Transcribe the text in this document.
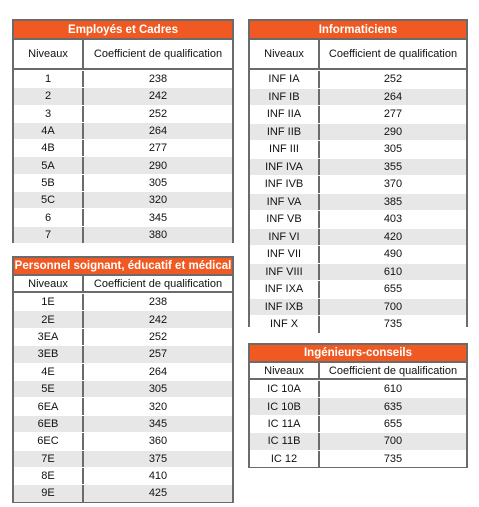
Employés et Cadres
Niveaux	Coefficient de qualification
1	238
2	242
3	252
4A	264
4B	277
5A	290
5B	305
5C	320
6	345
7	380
Informaticiens
Niveaux	Coefficient de qualification
INF IA	252
INF IB	264
INF IIA	277
INF IIB	290
INF III	305
INF IVA	355
INF IVB	370
INF VA	385
INF VB	403
INF VI	420
INF VII	490
INF VIII	610
INF IXA	655
INF IXB	700
INF X	735
Personnel soignant, éducatif et médical
Niveaux	Coefficient de qualification
1E	238
2E	242
3EA	252
3EB	257
4E	264
5E	305
6EA	320
6EB	345
6EC	360
7E	375
8E	410
9E	425
Ingénieurs-conseils
Niveaux	Coefficient de qualification
IC 10A	610
IC 10B	635
IC 11A	655
IC 11B	700
IC 12	735
